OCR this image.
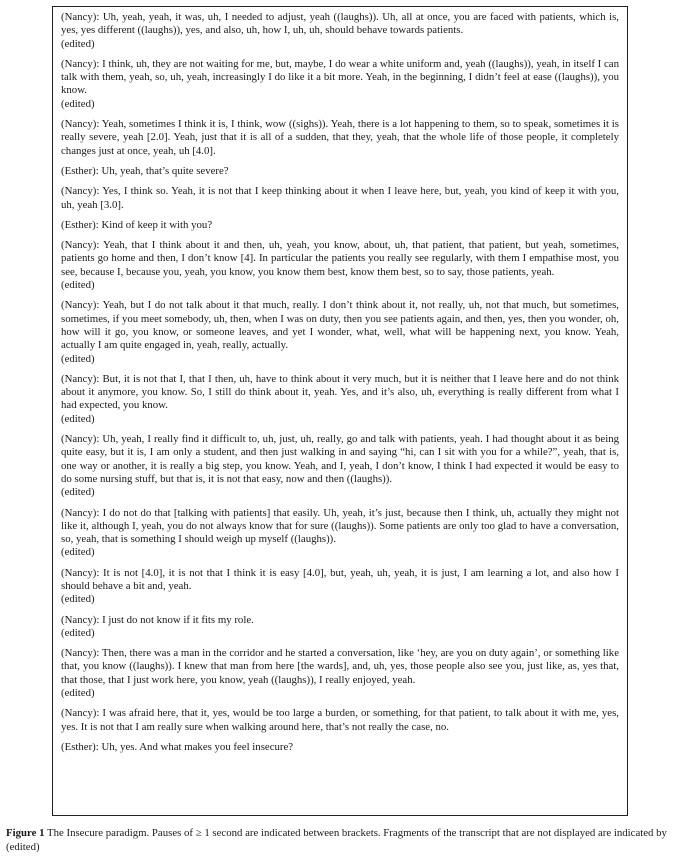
(Nancy): Uh, yeah, yeah, it was, uh, I needed to adjust, yeah ((laughs)). Uh, all at once, you are faced with patients, which is, yes, yes different ((laughs)), yes, and also, uh, how I, uh, uh, should behave towards patients.

(edited)

(Nancy): I think, uh, they are not waiting for me, but, maybe, I do wear a white uniform and, yeah ((laughs)), yeah, in itself I can talk with them, yeah, so, uh, yeah, increasingly I do like it a bit more. Yeah, in the beginning, I didn’t feel at ease ((laughs)), you know.

(edited)

(Nancy): Yeah, sometimes I think it is, I think, wow ((sighs)). Yeah, there is a lot happening to them, so to speak, sometimes it is really severe, yeah [2.0]. Yeah, just that it is all of a sudden, that they, yeah, that the whole life of those people, it completely changes just at once, yeah, uh [4.0].

(Esther): Uh, yeah, that’s quite severe?

(Nancy): Yes, I think so. Yeah, it is not that I keep thinking about it when I leave here, but, yeah, you kind of keep it with you, uh, yeah [3.0].

(Esther): Kind of keep it with you?

(Nancy): Yeah, that I think about it and then, uh, yeah, you know, about, uh, that patient, that patient, but yeah, sometimes, patients go home and then, I don’t know [4]. In particular the patients you really see regularly, with them I empathise most, you see, because I, because you, yeah, you know, you know them best, know them best, so to say, those patients, yeah.

(edited)

(Nancy): Yeah, but I do not talk about it that much, really. I don’t think about it, not really, uh, not that much, but sometimes, sometimes, if you meet somebody, uh, then, when I was on duty, then you see patients again, and then, yes, then you wonder, oh, how will it go, you know, or someone leaves, and yet I wonder, what, well, what will be happening next, you know. Yeah, actually I am quite engaged in, yeah, really, actually.

(edited)

(Nancy): But, it is not that I, that I then, uh, have to think about it very much, but it is neither that I leave here and do not think about it anymore, you know. So, I still do think about it, yeah. Yes, and it’s also, uh, everything is really different from what I had expected, you know.

(edited)

(Nancy): Uh, yeah, I really find it difficult to, uh, just, uh, really, go and talk with patients, yeah. I had thought about it as being quite easy, but it is, I am only a student, and then just walking in and saying “hi, can I sit with you for a while?”, yeah, that is, one way or another, it is really a big step, you know. Yeah, and I, yeah, I don’t know, I think I had expected it would be easy to do some nursing stuff, but that is, it is not that easy, now and then ((laughs)).

(edited)

(Nancy): I do not do that [talking with patients] that easily. Uh, yeah, it’s just, because then I think, uh, actually they might not like it, although I, yeah, you do not always know that for sure ((laughs)). Some patients are only too glad to have a conversation, so, yeah, that is something I should weigh up myself ((laughs)).

(edited)

(Nancy): It is not [4.0], it is not that I think it is easy [4.0], but, yeah, uh, yeah, it is just, I am learning a lot, and also how I should behave a bit and, yeah.

(edited)

(Nancy): I just do not know if it fits my role.

(edited)

(Nancy): Then, there was a man in the corridor and he started a conversation, like ‘hey, are you on duty again’, or something like that, you know ((laughs)). I knew that man from here [the wards], and, uh, yes, those people also see you, just like, as, yes that, that those, that I just work here, you know, yeah ((laughs)), I really enjoyed, yeah.

(edited)

(Nancy): I was afraid here, that it, yes, would be too large a burden, or something, for that patient, to talk about it with me, yes, yes. It is not that I am really sure when walking around here, that’s not really the case, no.

(Esther): Uh, yes. And what makes you feel insecure?

Figure 1 The Insecure paradigm. Pauses of ≥ 1 second are indicated between brackets. Fragments of the transcript that are not displayed are indicated by (edited)
